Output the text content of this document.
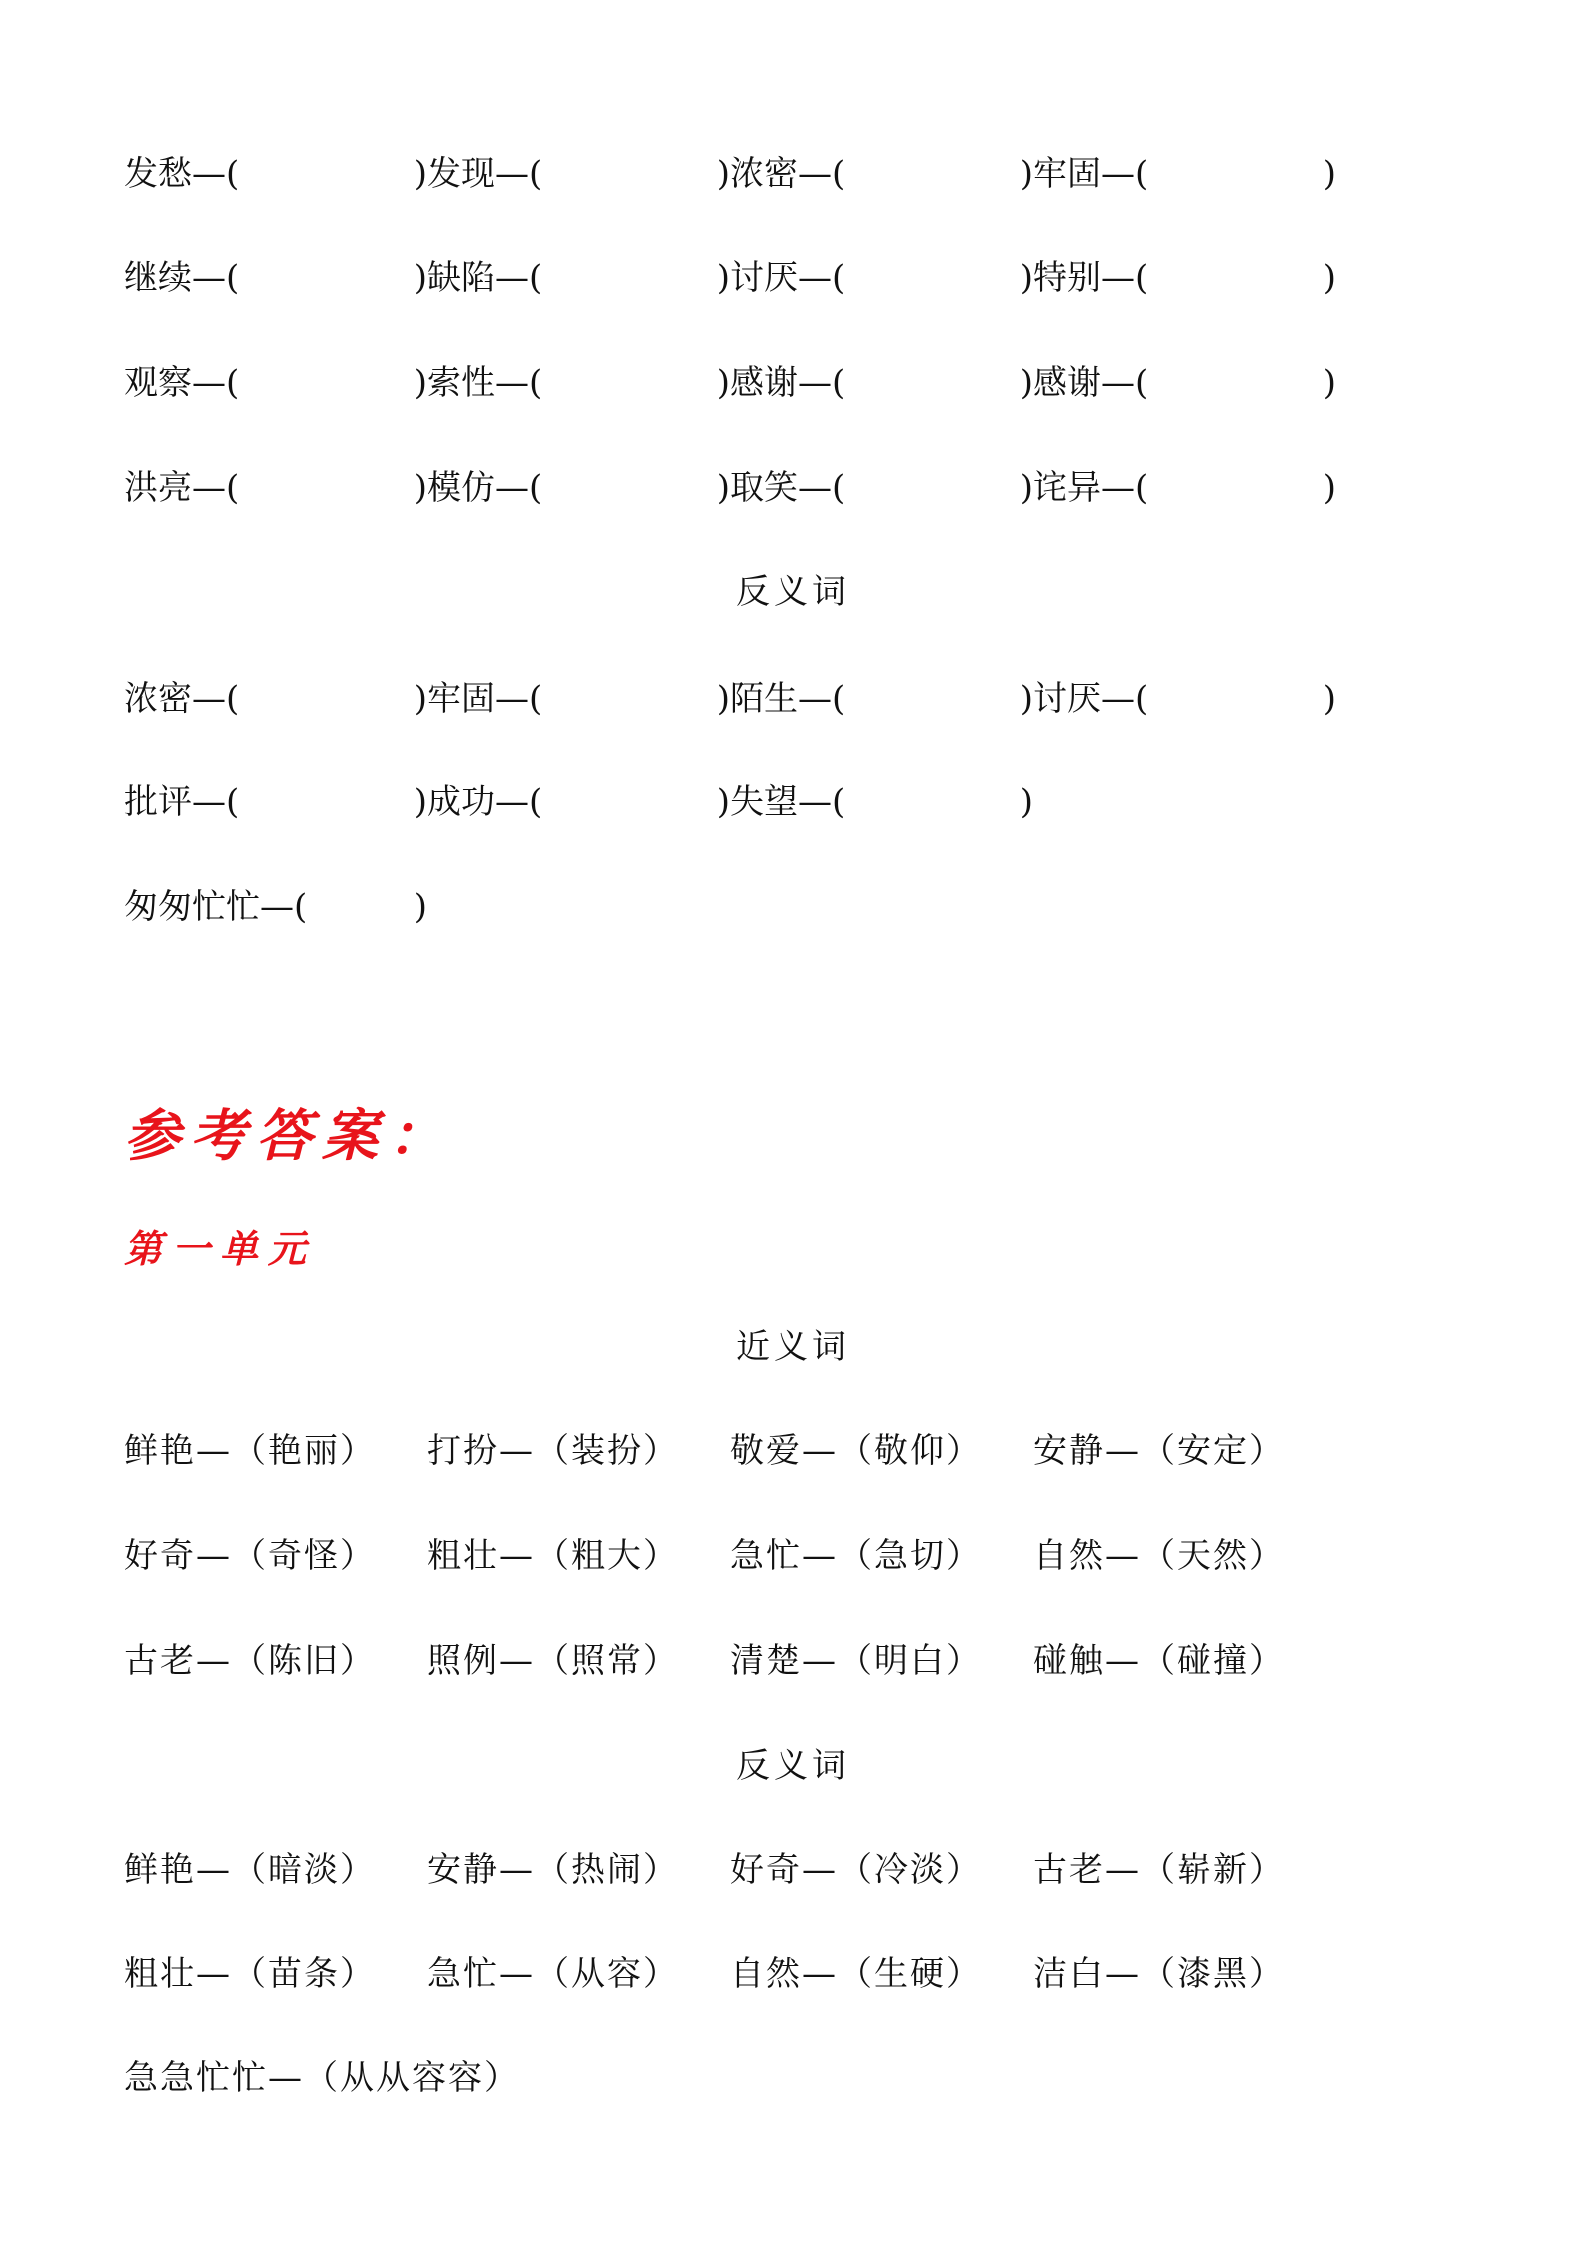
反义词
参考答案：
第一单元
近义词
反义词
发愁—(	) 发现—(	) 浓密—(	) 牢固—(	)
继续—(	) 缺陷—(	) 讨厌—(	) 特别—(	)
观察—(	) 索性—(	) 感谢—(	) 感谢—(	)
洪亮—(	) 模仿—(	) 取笑—(	) 诧异—(	)
浓密—(	) 牢固—(	) 陌生—(	) 讨厌—(	)
批评—(	) 成功—(	) 失望—(	)
匆匆忙忙—(	)
鲜艳—（艳丽）	打扮—（装扮）	敬爱—（敬仰）	安静—（安定）
好奇—（奇怪）	粗壮—（粗大）	急忙—（急切）	自然—（天然）
古老—（陈旧）	照例—（照常）	清楚—（明白）	碰触—（碰撞）
鲜艳—（暗淡）	安静—（热闹）	好奇—（冷淡）	古老—（崭新）
粗壮—（苗条）	急忙—（从容）	自然—（生硬）	洁白—（漆黑）
急急忙忙—（从从容容）
